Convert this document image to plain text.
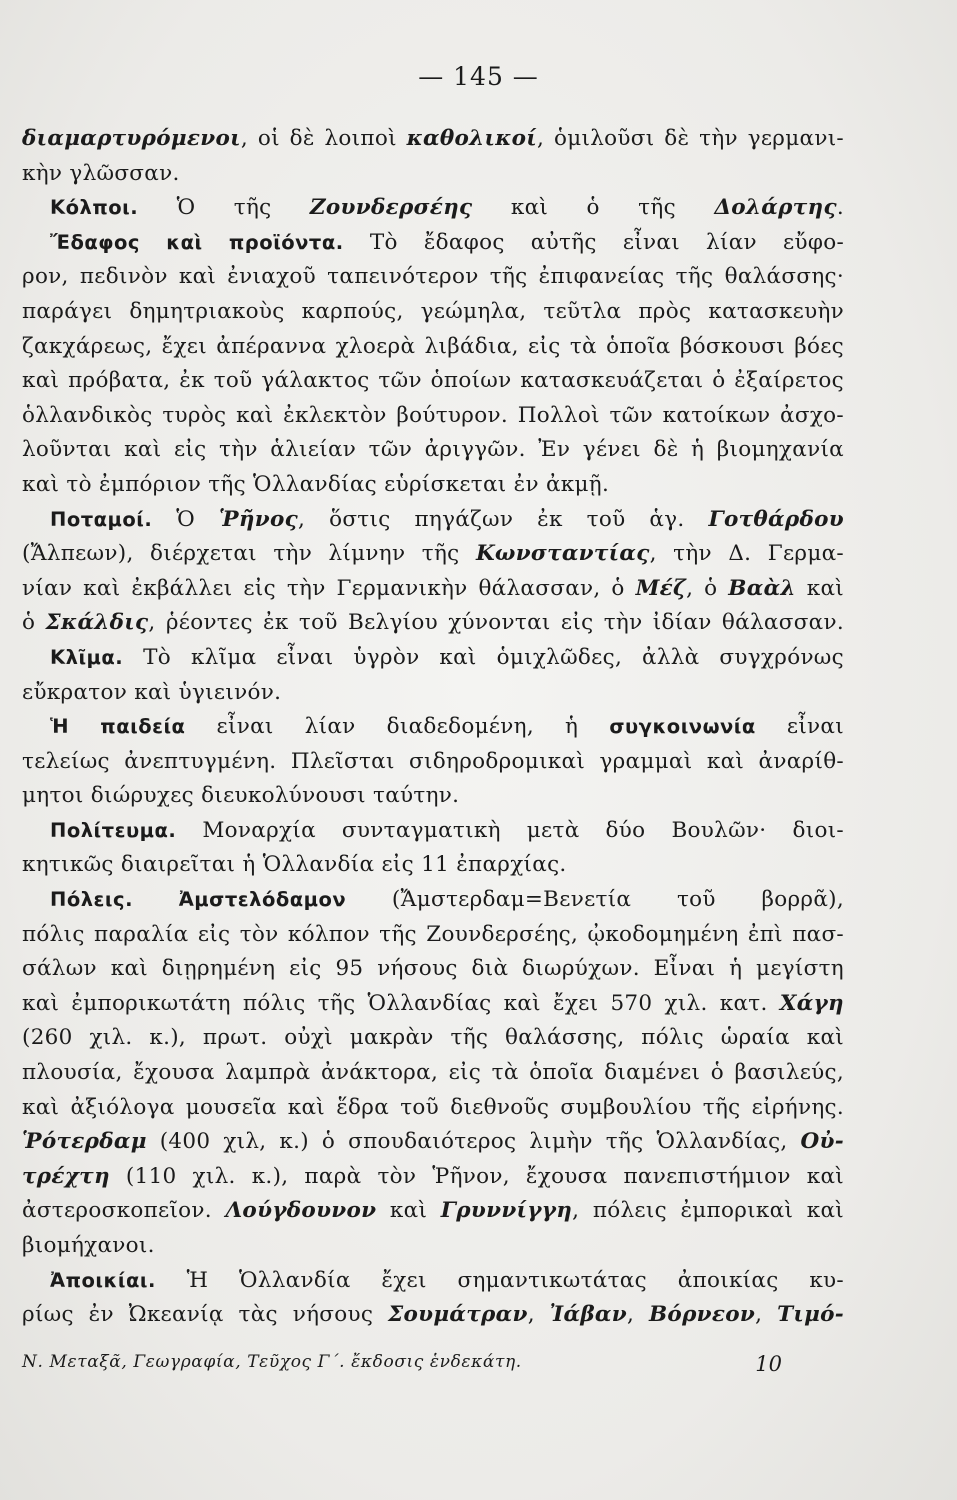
— 145 —
διαμαρτυρόμενοι, οἱ δὲ λοιποὶ καθολικοί, ὁμιλοῦσι δὲ τὴν γερμανι-
κὴν γλῶσσαν.
Κόλποι. Ὁ τῆς Ζουνδερσέης καὶ ὁ τῆς Δολάρτης.
Ἔδαφος καὶ προϊόντα. Τὸ ἔδαφος αὐτῆς εἶναι λίαν εὔφο-
ρον, πεδινὸν καὶ ἐνιαχοῦ ταπεινότερον τῆς ἐπιφανείας τῆς θαλάσσης·
παράγει δημητριακοὺς καρπούς, γεώμηλα, τεῦτλα πρὸς κατασκευὴν
ζακχάρεως, ἔχει ἀπέραννα χλοερὰ λιβάδια, εἰς τὰ ὁποῖα βόσκουσι βόες
καὶ πρόβατα, ἐκ τοῦ γάλακτος τῶν ὁποίων κατασκευάζεται ὁ ἐξαίρετος
ὁλλανδικὸς τυρὸς καὶ ἐκλεκτὸν βούτυρον. Πολλοὶ τῶν κατοίκων ἀσχο-
λοῦνται καὶ εἰς τὴν ἁλιείαν τῶν ἀριγγῶν. Ἐν γένει δὲ ἡ βιομηχανία
καὶ τὸ ἐμπόριον τῆς Ὁλλανδίας εὑρίσκεται ἐν ἀκμῇ.
Ποταμοί. Ὁ Ῥῆνος, ὅστις πηγάζων ἐκ τοῦ ἁγ. Γοτθάρδου
(Ἄλπεων), διέρχεται τὴν λίμνην τῆς Κωνσταντίας, τὴν Δ. Γερμα-
νίαν καὶ ἐκβάλλει εἰς τὴν Γερμανικὴν θάλασσαν, ὁ Μέζ, ὁ Βαὰλ καὶ
ὁ Σκάλδις, ῥέοντες ἐκ τοῦ Βελγίου χύνονται εἰς τὴν ἰδίαν θάλασσαν.
Κλῖμα. Τὸ κλῖμα εἶναι ὑγρὸν καὶ ὁμιχλῶδες, ἀλλὰ συγχρόνως
εὔκρατον καὶ ὑγιεινόν.
Ἡ παιδεία εἶναι λίαν διαδεδομένη, ἡ συγκοινωνία εἶναι
τελείως ἀνεπτυγμένη. Πλεῖσται σιδηροδρομικαὶ γραμμαὶ καὶ ἀναρίθ-
μητοι διώρυχες διευκολύνουσι ταύτην.
Πολίτευμα. Μοναρχία συνταγματικὴ μετὰ δύο Βουλῶν· διοι-
κητικῶς διαιρεῖται ἡ Ὁλλανδία εἰς 11 ἐπαρχίας.
Πόλεις. Ἀμστελόδαμον (Ἄμστερδαμ=Βενετία τοῦ βορρᾶ),
πόλις παραλία εἰς τὸν κόλπον τῆς Ζουνδερσέης, ᾠκοδομημένη ἐπὶ πασ-
σάλων καὶ διῃρημένη εἰς 95 νήσους διὰ διωρύχων. Εἶναι ἡ μεγίστη
καὶ ἐμπορικωτάτη πόλις τῆς Ὁλλανδίας καὶ ἔχει 570 χιλ. κατ. Χάγη
(260 χιλ. κ.), πρωτ. οὐχὶ μακρὰν τῆς θαλάσσης, πόλις ὡραία καὶ
πλουσία, ἔχουσα λαμπρὰ ἀνάκτορα, εἰς τὰ ὁποῖα διαμένει ὁ βασιλεύς,
καὶ ἀξιόλογα μουσεῖα καὶ ἕδρα τοῦ διεθνοῦς συμβουλίου τῆς εἰρήνης.
Ῥότερδαμ (400 χιλ, κ.) ὁ σπουδαιότερος λιμὴν τῆς Ὁλλανδίας, Οὐ-
τρέχτη (110 χιλ. κ.), παρὰ τὸν Ῥῆνον, ἔχουσα πανεπιστήμιον καὶ
ἀστεροσκοπεῖον. Λούγδουνον καὶ Γρυννίγγη, πόλεις ἐμπορικαὶ καὶ
βιομήχανοι.
Ἀποικίαι. Ἡ Ὁλλανδία ἔχει σημαντικωτάτας ἀποικίας κυ-
ρίως ἐν Ὠκεανίᾳ τὰς νήσους Σουμάτραν, Ἰάβαν, Βόρνεον, Τιμό-
Ν. Μεταξᾶ, Γεωγραφία, Τεῦχος Γ΄. ἔκδοσις ἑνδεκάτη.	10
